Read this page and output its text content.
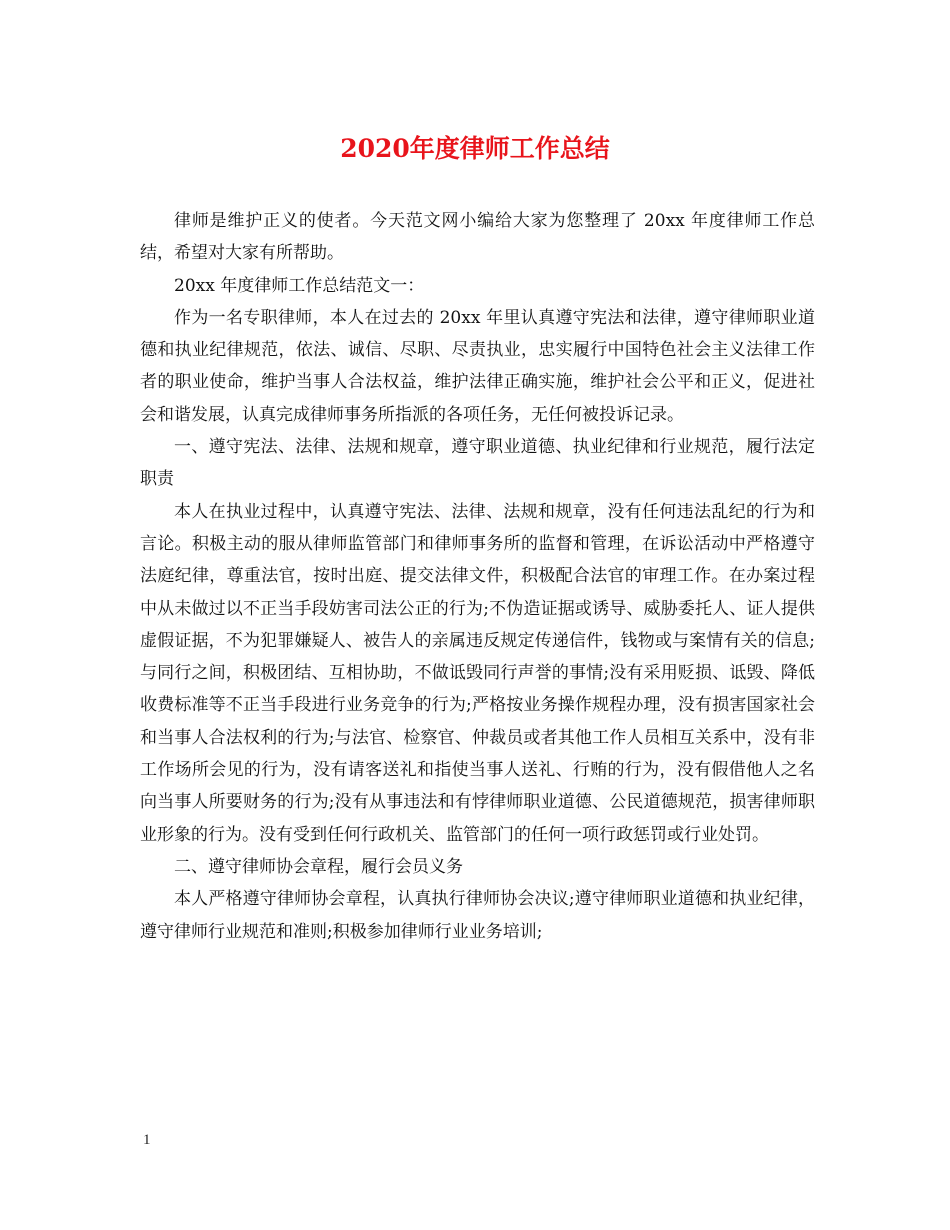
2020年度律师工作总结

律师是维护正义的使者。今天范文网小编给大家为您整理了 20xx 年度律师工作总结，希望对大家有所帮助。

20xx 年度律师工作总结范文一：

作为一名专职律师，本人在过去的 20xx 年里认真遵守宪法和法律，遵守律师职业道德和执业纪律规范，依法、诚信、尽职、尽责执业，忠实履行中国特色社会主义法律工作者的职业使命，维护当事人合法权益，维护法律正确实施，维护社会公平和正义，促进社会和谐发展，认真完成律师事务所指派的各项任务，无任何被投诉记录。

一、遵守宪法、法律、法规和规章，遵守职业道德、执业纪律和行业规范，履行法定职责

本人在执业过程中，认真遵守宪法、法律、法规和规章，没有任何违法乱纪的行为和言论。积极主动的服从律师监管部门和律师事务所的监督和管理，在诉讼活动中严格遵守法庭纪律，尊重法官，按时出庭、提交法律文件，积极配合法官的审理工作。在办案过程中从未做过以不正当手段妨害司法公正的行为;不伪造证据或诱导、威胁委托人、证人提供虚假证据，不为犯罪嫌疑人、被告人的亲属违反规定传递信件，钱物或与案情有关的信息;与同行之间，积极团结、互相协助，不做诋毁同行声誉的事情;没有采用贬损、诋毁、降低收费标准等不正当手段进行业务竞争的行为;严格按业务操作规程办理，没有损害国家社会和当事人合法权利的行为;与法官、检察官、仲裁员或者其他工作人员相互关系中，没有非工作场所会见的行为，没有请客送礼和指使当事人送礼、行贿的行为，没有假借他人之名向当事人所要财务的行为;没有从事违法和有悖律师职业道德、公民道德规范，损害律师职业形象的行为。没有受到任何行政机关、监管部门的任何一项行政惩罚或行业处罚。

二、遵守律师协会章程，履行会员义务

本人严格遵守律师协会章程，认真执行律师协会决议;遵守律师职业道德和执业纪律，遵守律师行业规范和准则;积极参加律师行业业务培训;

1
